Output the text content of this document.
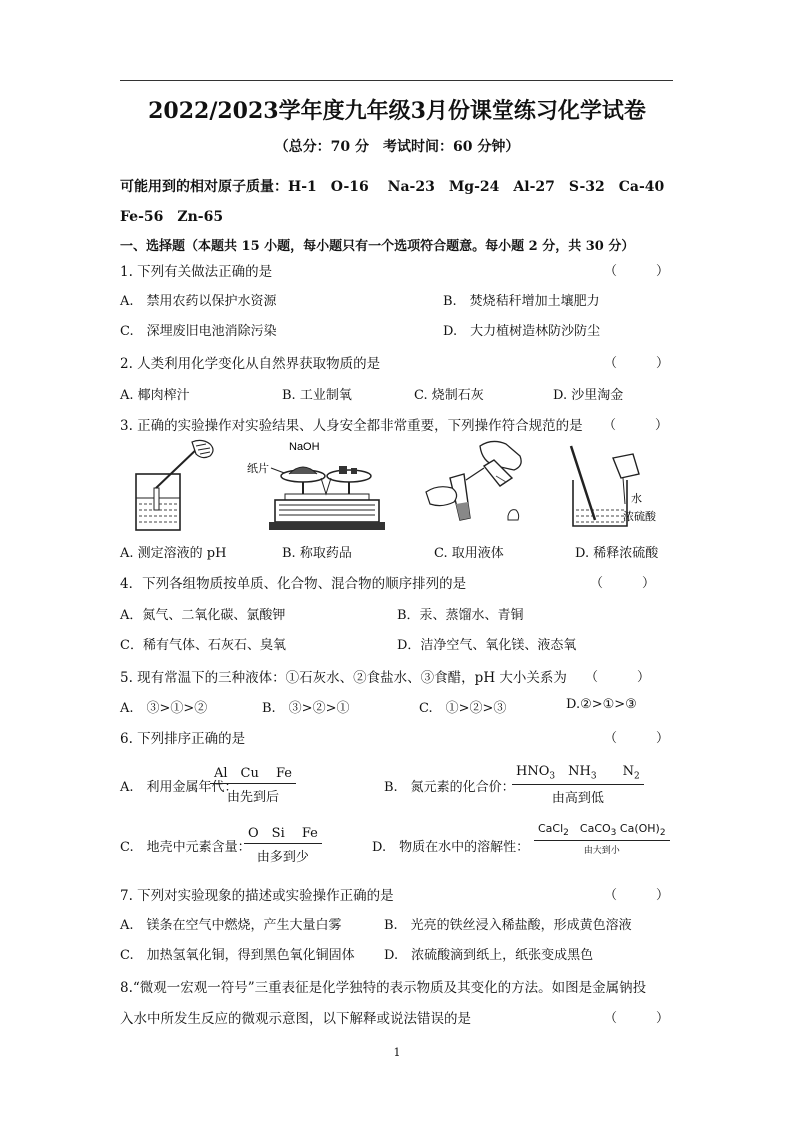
2022/2023学年度九年级3月份课堂练习化学试卷
（总分：70 分　考试时间：60 分钟）
可能用到的相对原子质量：H-1　O-16　 Na-23　Mg-24　Al-27　S-32　Ca-40
Fe-56　Zn-65
一、选择题（本题共 15 小题，每小题只有一个选项符合题意。每小题 2 分，共 30 分）
1. 下列有关做法正确的是	（　　　）
A.　禁用农药以保护水资源	B.　焚烧秸秆增加土壤肥力
C.　深埋废旧电池消除污染	D.　大力植树造林防沙防尘
2. 人类利用化学变化从自然界获取物质的是	（　　　）
A. 椰肉榨汁	B. 工业制氧	C. 烧制石灰	D. 沙里淘金
3. 正确的实验操作对实验结果、人身安全都非常重要，下列操作符合规范的是 （　　　）
NaOH
纸片
水
浓硫酸
A. 测定溶液的 pH	B. 称取药品	C. 取用液体	D. 稀释浓硫酸
4．下列各组物质按单质、化合物、混合物的顺序排列的是	（　　　）
A．氮气、二氧化碳、氯酸钾	B．汞、蒸馏水、青铜
C．稀有气体、石灰石、臭氧	D．洁净空气、氧化镁、液态氧
5. 现有常温下的三种液体：①石灰水、②食盐水、③食醋，pH 大小关系为 （　　　）
A.　③>①>②	B.　③>②>①	C.　①>②>③	D.②>①>③
6. 下列排序正确的是	（　　　）
A.　利用金属年代：
Al　Cu　 Fe
由先到后
B.　氮元素的化合价：
$HNO_3$　$NH_3$　　$N_2$
由高到低
C.　地壳中元素含量：
O　Si　 Fe
由多到少
D.　物质在水中的溶解性：
CaCl$_2$　CaCO$_3$ $Ca(OH)_2$
由大到小
7. 下列对实验现象的描述或实验操作正确的是	（　　　）
A.　镁条在空气中燃烧，产生大量白雾	B.　光亮的铁丝浸入稀盐酸，形成黄色溶液
C.　加热氢氧化铜，得到黑色氧化铜固体 D.　浓硫酸滴到纸上，纸张变成黑色
8.“微观一宏观一符号”三重表征是化学独特的表示物质及其变化的方法。如图是金属钠投
入水中所发生反应的微观示意图，以下解释或说法错误的是	（　　　）
1
